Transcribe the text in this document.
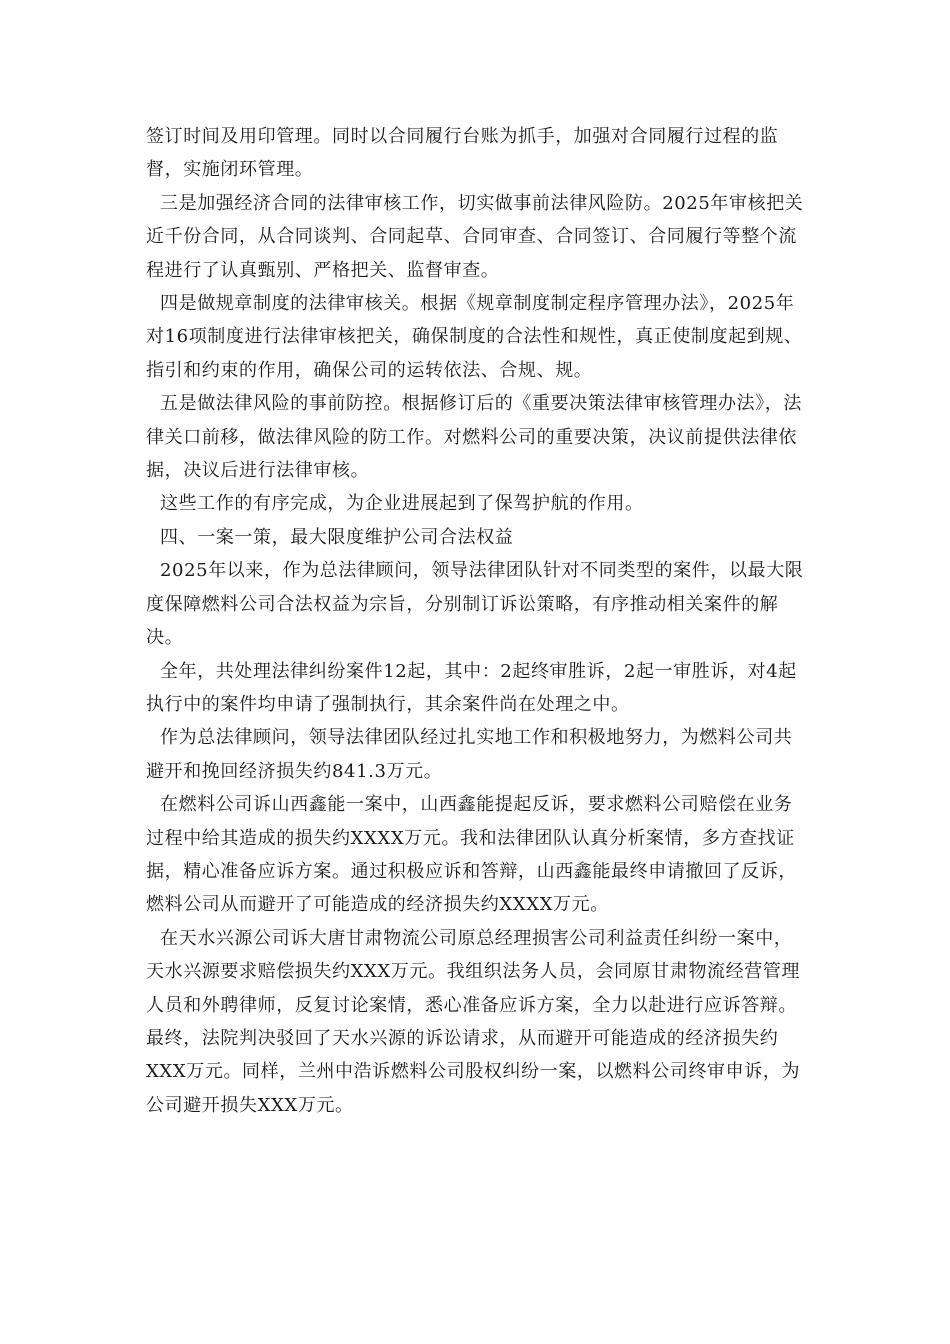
签订时间及用印管理。同时以合同履行台账为抓手，加强对合同履行过程的监督，实施闭环管理。

三是加强经济合同的法律审核工作，切实做事前法律风险防。2025年审核把关近千份合同，从合同谈判、合同起草、合同审查、合同签订、合同履行等整个流程进行了认真甄别、严格把关、监督审查。

四是做规章制度的法律审核关。根据《规章制度制定程序管理办法》，2025年对16项制度进行法律审核把关，确保制度的合法性和规性，真正使制度起到规、指引和约束的作用，确保公司的运转依法、合规、规。

五是做法律风险的事前防控。根据修订后的《重要决策法律审核管理办法》，法律关口前移，做法律风险的防工作。对燃料公司的重要决策，决议前提供法律依据，决议后进行法律审核。

这些工作的有序完成，为企业进展起到了保驾护航的作用。

四、一案一策，最大限度维护公司合法权益

2025年以来，作为总法律顾问，领导法律团队针对不同类型的案件，以最大限度保障燃料公司合法权益为宗旨，分别制订诉讼策略，有序推动相关案件的解决。

全年，共处理法律纠纷案件12起，其中：2起终审胜诉，2起一审胜诉，对4起执行中的案件均申请了强制执行，其余案件尚在处理之中。

作为总法律顾问，领导法律团队经过扎实地工作和积极地努力，为燃料公司共避开和挽回经济损失约841.3万元。

在燃料公司诉山西鑫能一案中，山西鑫能提起反诉，要求燃料公司赔偿在业务过程中给其造成的损失约XXXX万元。我和法律团队认真分析案情，多方查找证据，精心准备应诉方案。通过积极应诉和答辩，山西鑫能最终申请撤回了反诉，燃料公司从而避开了可能造成的经济损失约XXXX万元。

在天水兴源公司诉大唐甘肃物流公司原总经理损害公司利益责任纠纷一案中，天水兴源要求赔偿损失约XXX万元。我组织法务人员，会同原甘肃物流经营管理人员和外聘律师，反复讨论案情，悉心准备应诉方案，全力以赴进行应诉答辩。最终，法院判决驳回了天水兴源的诉讼请求，从而避开可能造成的经济损失约XXX万元。同样，兰州中浩诉燃料公司股权纠纷一案，以燃料公司终审申诉，为公司避开损失XXX万元。
